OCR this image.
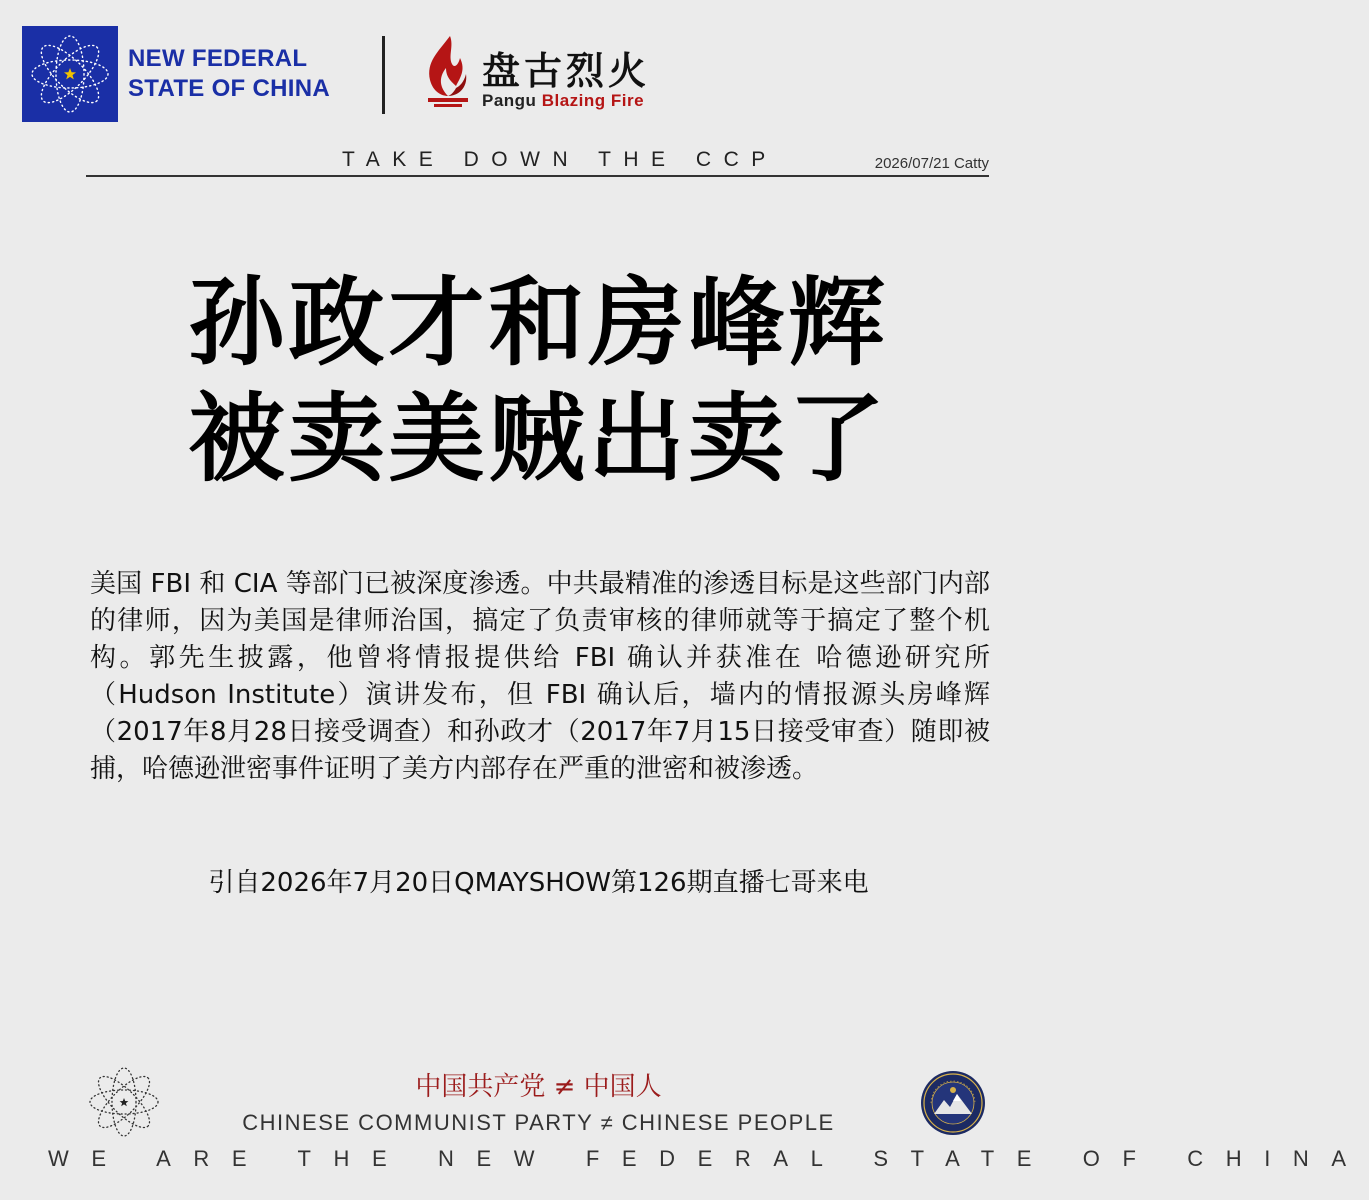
NEW FEDERAL
STATE OF CHINA	盘古烈火
Pangu Blazing Fire
TAKE DOWN THE CCP	2026/07/21 Catty
孙政才和房峰辉
被卖美贼出卖了
美国 FBI 和 CIA 等部门已被深度渗透。中共最精准的渗透目标是这些部门内部的律师，因为美国是律师治国，搞定了负责审核的律师就等于搞定了整个机构。郭先生披露，他曾将情报提供给 FBI 确认并获准在 哈德逊研究所（Hudson Institute）演讲发布，但 FBI 确认后，墙内的情报源头房峰辉（2017年8月28日接受调查）和孙政才（2017年7月15日接受审查）随即被捕，哈德逊泄密事件证明了美方内部存在严重的泄密和被渗透。
引自2026年7月20日QMAYSHOW第126期直播七哥来电
中国共产党 ≠ 中国人
CHINESE COMMUNIST PARTY ≠ CHINESE PEOPLE
WE ARE THE NEW FEDERAL STATE OF CHINA
